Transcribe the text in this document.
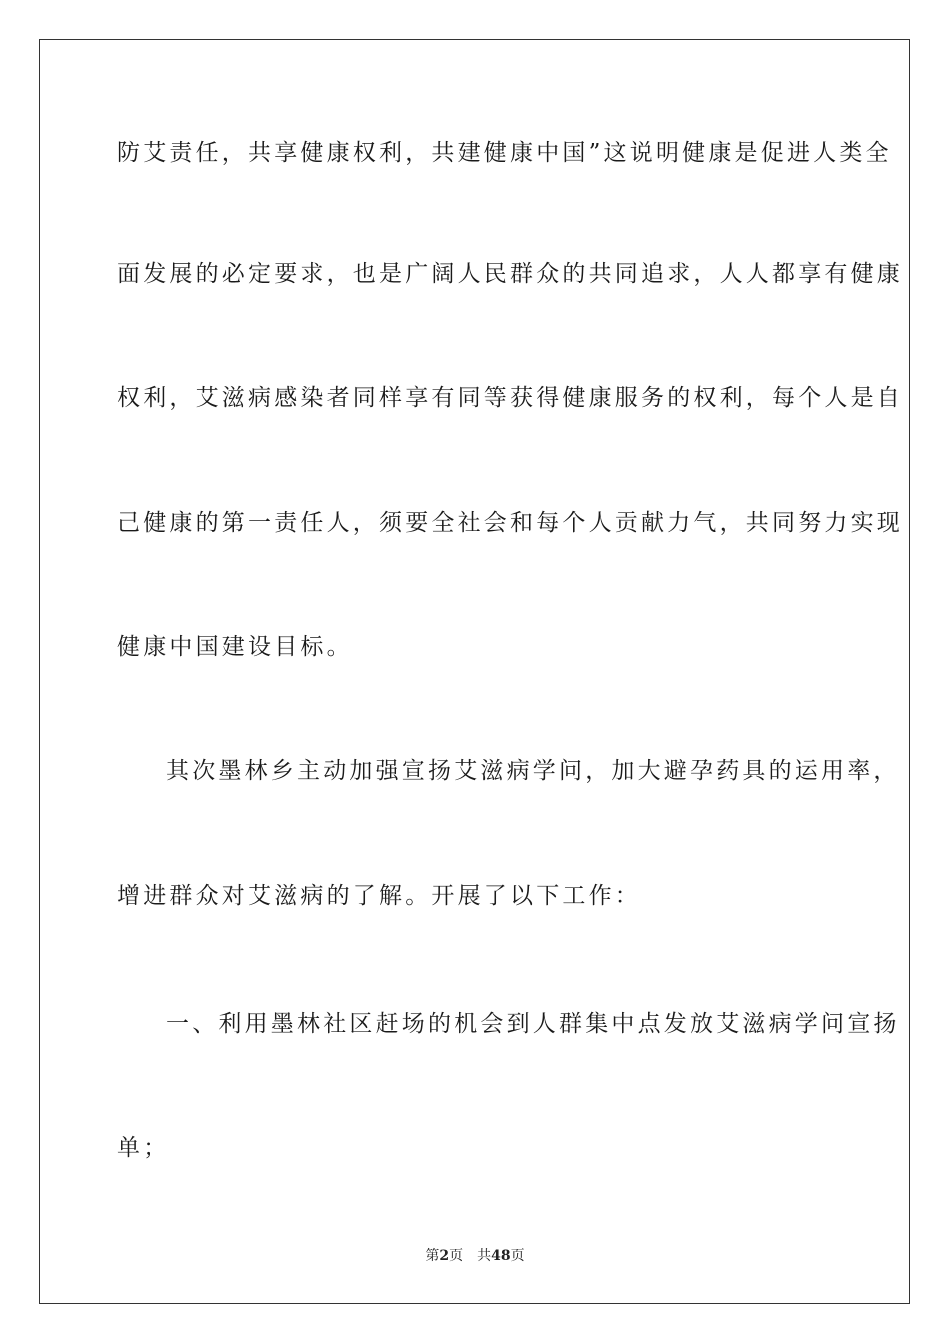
防艾责任，共享健康权利，共建健康中国”这说明健康是促进人类全
面发展的必定要求，也是广阔人民群众的共同追求，人人都享有健康
权利，艾滋病感染者同样享有同等获得健康服务的权利，每个人是自
己健康的第一责任人，须要全社会和每个人贡献力气，共同努力实现
健康中国建设目标。
其次墨林乡主动加强宣扬艾滋病学问，加大避孕药具的运用率，
增进群众对艾滋病的了解。开展了以下工作：
一、利用墨林社区赶场的机会到人群集中点发放艾滋病学问宣扬
单；
第2页 共48页
